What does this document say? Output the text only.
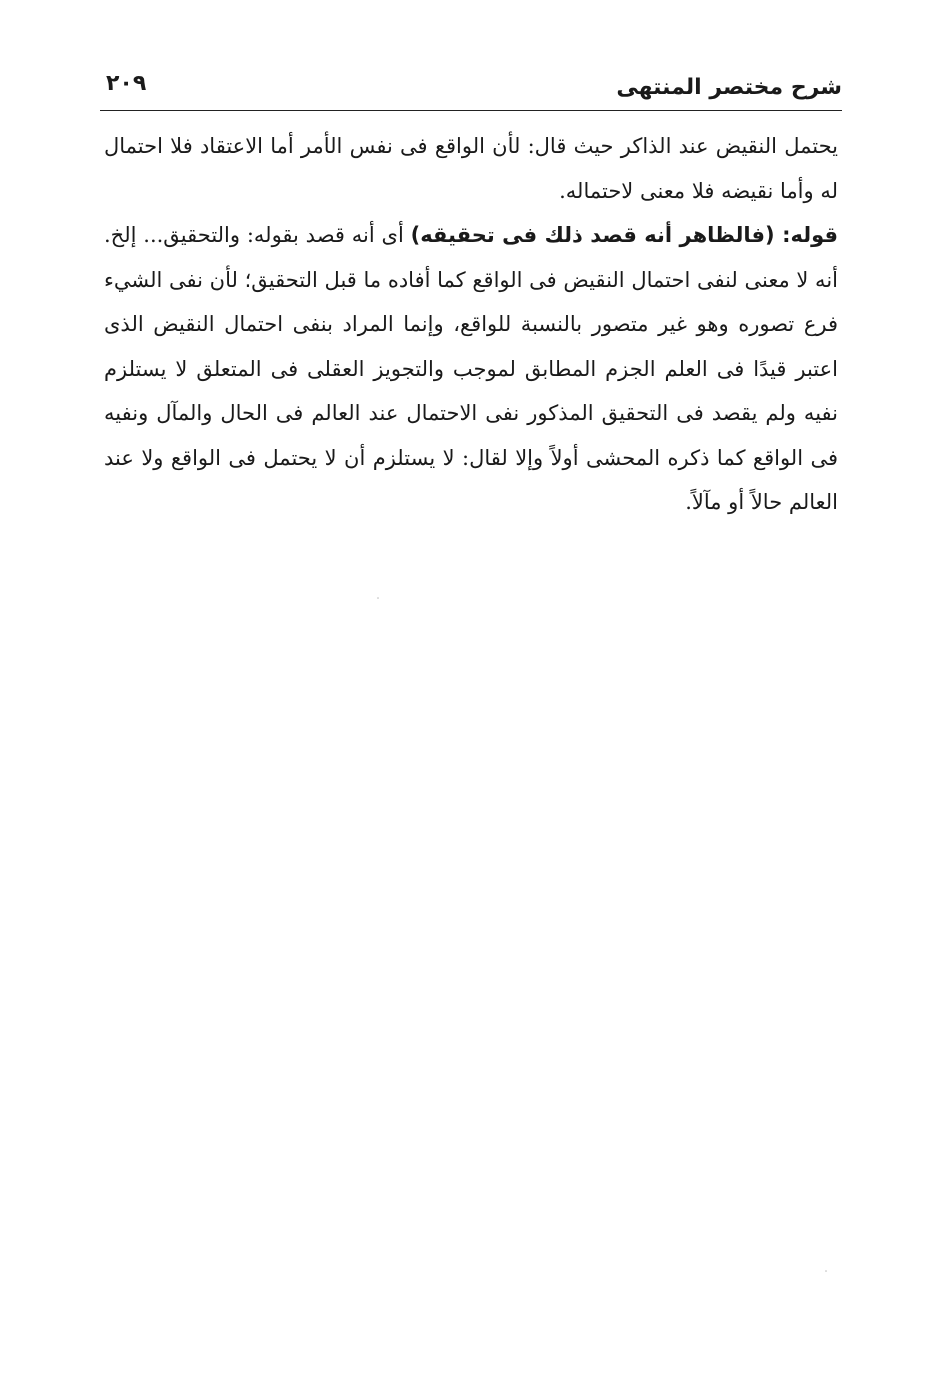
شرح مختصر المنتهى
٢٠٩

يحتمل النقيض عند الذاكر حيث قال: لأن الواقع فى نفس الأمر أما الاعتقاد فلا احتمال له وأما نقيضه فلا معنى لاحتماله.

قوله: (فالظاهر أنه قصد ذلك فى تحقيقه) أى أنه قصد بقوله: والتحقيق... إلخ. أنه لا معنى لنفى احتمال النقيض فى الواقع كما أفاده ما قبل التحقيق؛ لأن نفى الشيء فرع تصوره وهو غير متصور بالنسبة للواقع، وإنما المراد بنفى احتمال النقيض الذى اعتبر قيدًا فى العلم الجزم المطابق لموجب والتجويز العقلى فى المتعلق لا يستلزم نفيه ولم يقصد فى التحقيق المذكور نفى الاحتمال عند العالم فى الحال والمآل ونفيه فى الواقع كما ذكره المحشى أولاً وإلا لقال: لا يستلزم أن لا يحتمل فى الواقع ولا عند العالم حالاً أو مآلاً.
